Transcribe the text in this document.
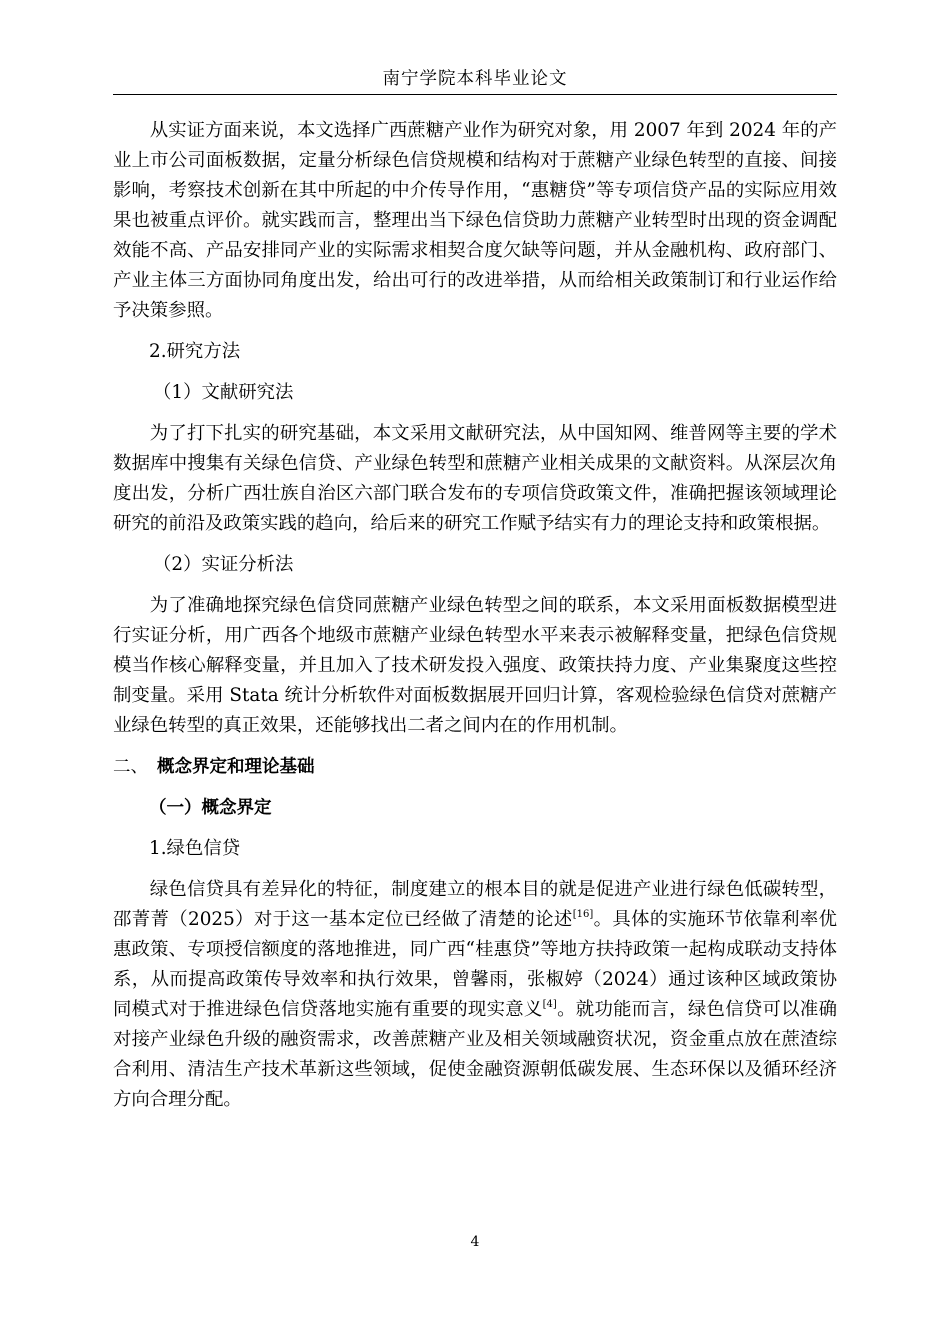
南宁学院本科毕业论文

从实证方面来说，本文选择广西蔗糖产业作为研究对象，用 2007 年到 2024 年的产业上市公司面板数据，定量分析绿色信贷规模和结构对于蔗糖产业绿色转型的直接、间接影响，考察技术创新在其中所起的中介传导作用，“惠糖贷”等专项信贷产品的实际应用效果也被重点评价。就实践而言，整理出当下绿色信贷助力蔗糖产业转型时出现的资金调配效能不高、产品安排同产业的实际需求相契合度欠缺等问题，并从金融机构、政府部门、产业主体三方面协同角度出发，给出可行的改进举措，从而给相关政策制订和行业运作给予决策参照。

2.研究方法

（1）文献研究法

为了打下扎实的研究基础，本文采用文献研究法，从中国知网、维普网等主要的学术数据库中搜集有关绿色信贷、产业绿色转型和蔗糖产业相关成果的文献资料。从深层次角度出发，分析广西壮族自治区六部门联合发布的专项信贷政策文件，准确把握该领域理论研究的前沿及政策实践的趋向，给后来的研究工作赋予结实有力的理论支持和政策根据。

（2）实证分析法

为了准确地探究绿色信贷同蔗糖产业绿色转型之间的联系，本文采用面板数据模型进行实证分析，用广西各个地级市蔗糖产业绿色转型水平来表示被解释变量，把绿色信贷规模当作核心解释变量，并且加入了技术研发投入强度、政策扶持力度、产业集聚度这些控制变量。采用 Stata 统计分析软件对面板数据展开回归计算，客观检验绿色信贷对蔗糖产业绿色转型的真正效果，还能够找出二者之间内在的作用机制。

二、 概念界定和理论基础

（一）概念界定

1.绿色信贷

绿色信贷具有差异化的特征，制度建立的根本目的就是促进产业进行绿色低碳转型，邵菁菁（2025）对于这一基本定位已经做了清楚的论述[16]。具体的实施环节依靠利率优惠政策、专项授信额度的落地推进，同广西“桂惠贷”等地方扶持政策一起构成联动支持体系，从而提高政策传导效率和执行效果，曾馨雨，张椒婷（2024）通过该种区域政策协同模式对于推进绿色信贷落地实施有重要的现实意义[4]。就功能而言，绿色信贷可以准确对接产业绿色升级的融资需求，改善蔗糖产业及相关领域融资状况，资金重点放在蔗渣综合利用、清洁生产技术革新这些领域，促使金融资源朝低碳发展、生态环保以及循环经济方向合理分配。

4
